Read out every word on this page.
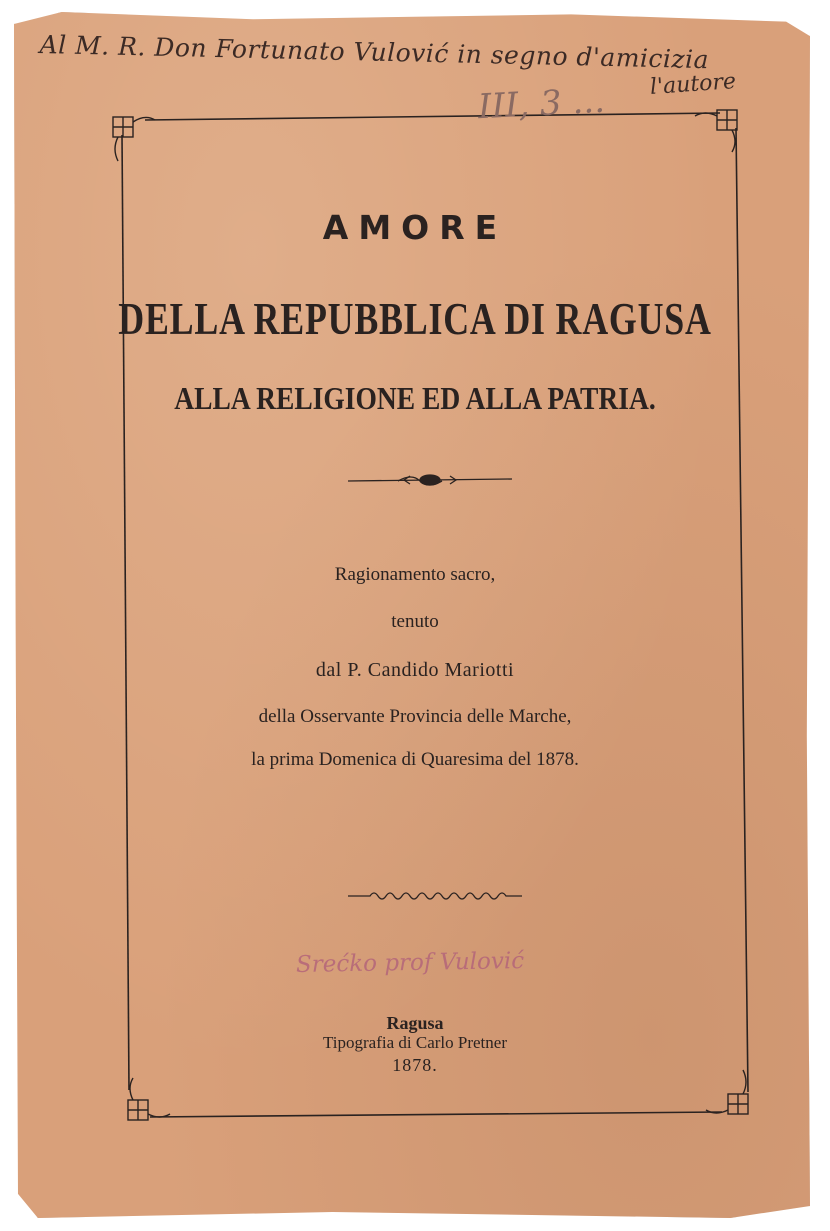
Al M. R. Don Fortunato Vulović in segno d'amicizia
l'autore
III, 3 ...
AMORE
DELLA REPUBBLICA DI RAGUSA
ALLA RELIGIONE ED ALLA PATRIA.
Ragionamento sacro,
tenuto
dal P. Candido Mariotti
della Osservante Provincia delle Marche,
la prima Domenica di Quaresima del 1878.
Srećko prof Vulović
Ragusa
Tipografia di Carlo Pretner
1878.
